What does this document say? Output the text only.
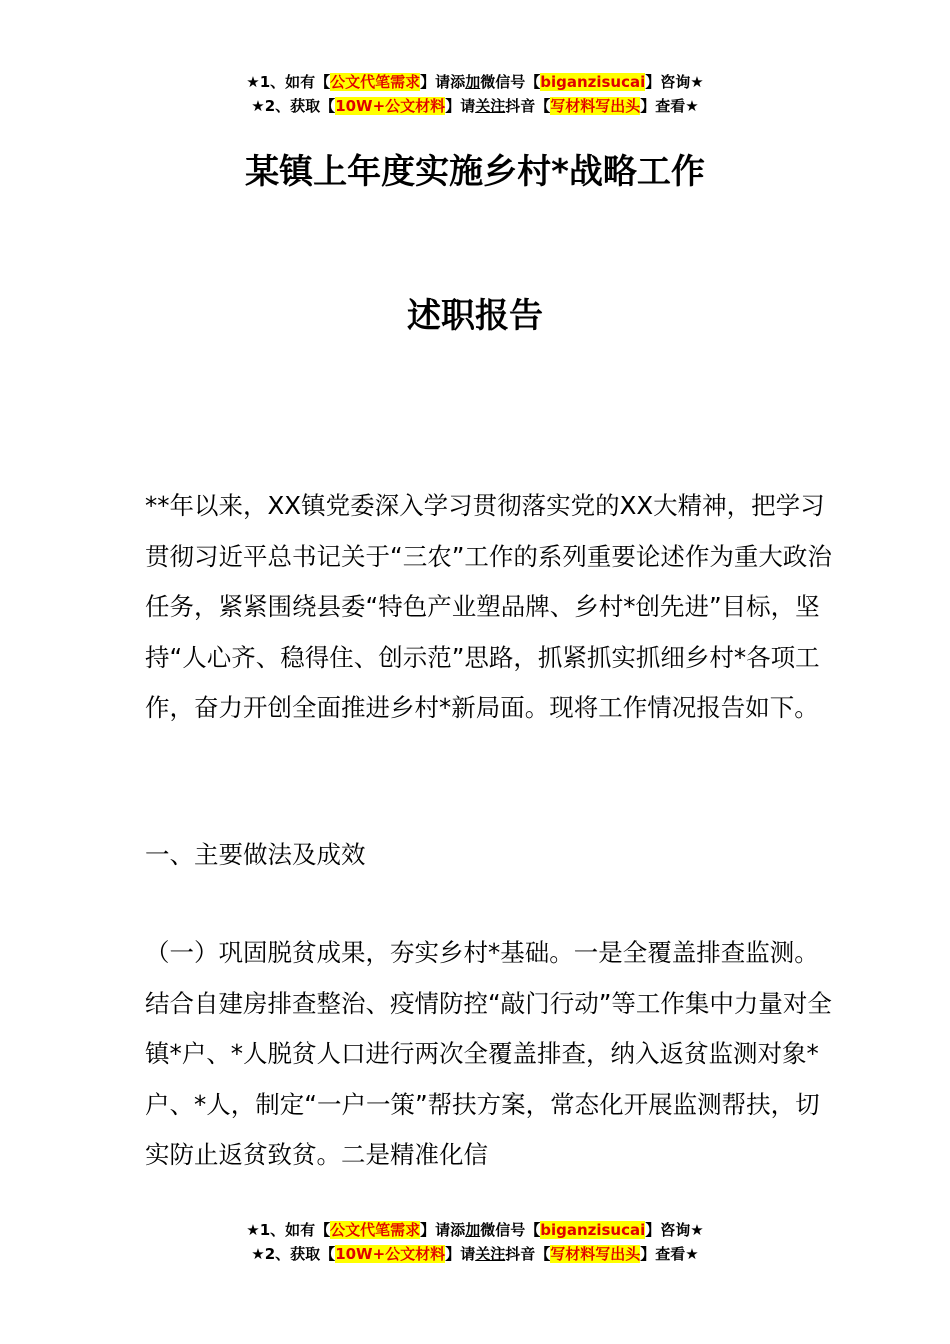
★1、如有【公文代笔需求】请添加微信号【biganzisucai】咨询★
★2、获取【10W+公文材料】请关注抖音【写材料写出头】查看★
某镇上年度实施乡村*战略工作
述职报告

**年以来，XX镇党委深入学习贯彻落实党的XX大精神，把学习贯彻习近平总书记关于“三农”工作的系列重要论述作为重大政治任务，紧紧围绕县委“特色产业塑品牌、乡村*创先进”目标，坚持“人心齐、稳得住、创示范”思路，抓紧抓实抓细乡村*各项工作，奋力开创全面推进乡村*新局面。现将工作情况报告如下。

一、主要做法及成效

（一）巩固脱贫成果，夯实乡村*基础。一是全覆盖排查监测。结合自建房排查整治、疫情防控“敲门行动”等工作集中力量对全镇*户、*人脱贫人口进行两次全覆盖排查，纳入返贫监测对象*户、*人，制定“一户一策”帮扶方案，常态化开展监测帮扶，切实防止返贫致贫。二是精准化信

★1、如有【公文代笔需求】请添加微信号【biganzisucai】咨询★
★2、获取【10W+公文材料】请关注抖音【写材料写出头】查看★
